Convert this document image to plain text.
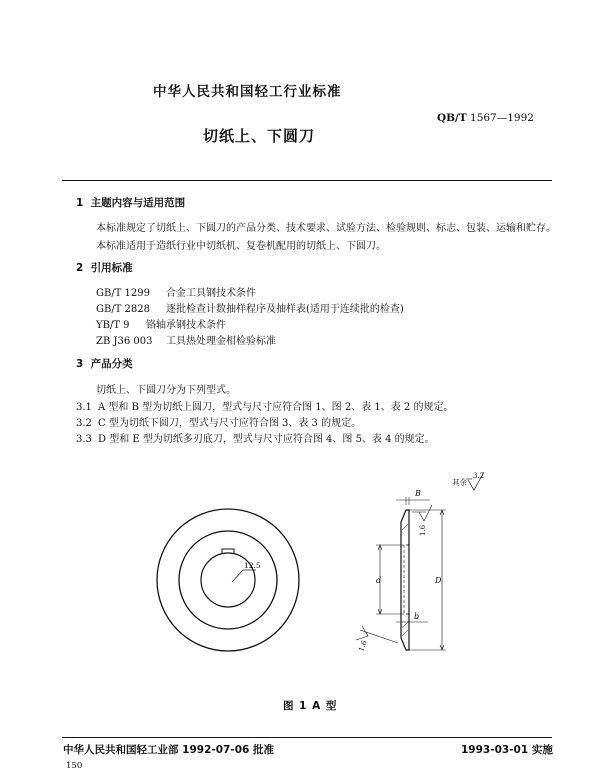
中华人民共和国轻工行业标准
QB/T 1567—1992
切纸上、下圆刀
1 主题内容与适用范围
本标准规定了切纸上、下圆刀的产品分类、技术要求、试验方法、检验规则、标志、包装、运输和贮存。
本标准适用于造纸行业中切纸机、复卷机配用的切纸上、下圆刀。
2 引用标准
GB/T 1299 合金工具钢技术条件
GB/T 2828 逐批检查计数抽样程序及抽样表(适用于连续批的检查)
YB/T 9 铬轴承钢技术条件
ZB J36 003 工具热处理金相检验标准
3 产品分类
切纸上、下圆刀分为下列型式。
3.1 A 型和 B 型为切纸上圆刀，型式与尺寸应符合图 1、图 2、表 1、表 2 的规定。
3.2 C 型为切纸下圆刀，型式与尺寸应符合图 3、表 3 的规定。
3.3 D 型和 E 型为切纸多刃底刀，型式与尺寸应符合图 4、图 5、表 4 的规定。
12.5
B
1.6
d	D
b
1.6
其余
3.2
图 1 A 型
中华人民共和国轻工业部 1992-07-06 批准	1993-03-01 实施
150
